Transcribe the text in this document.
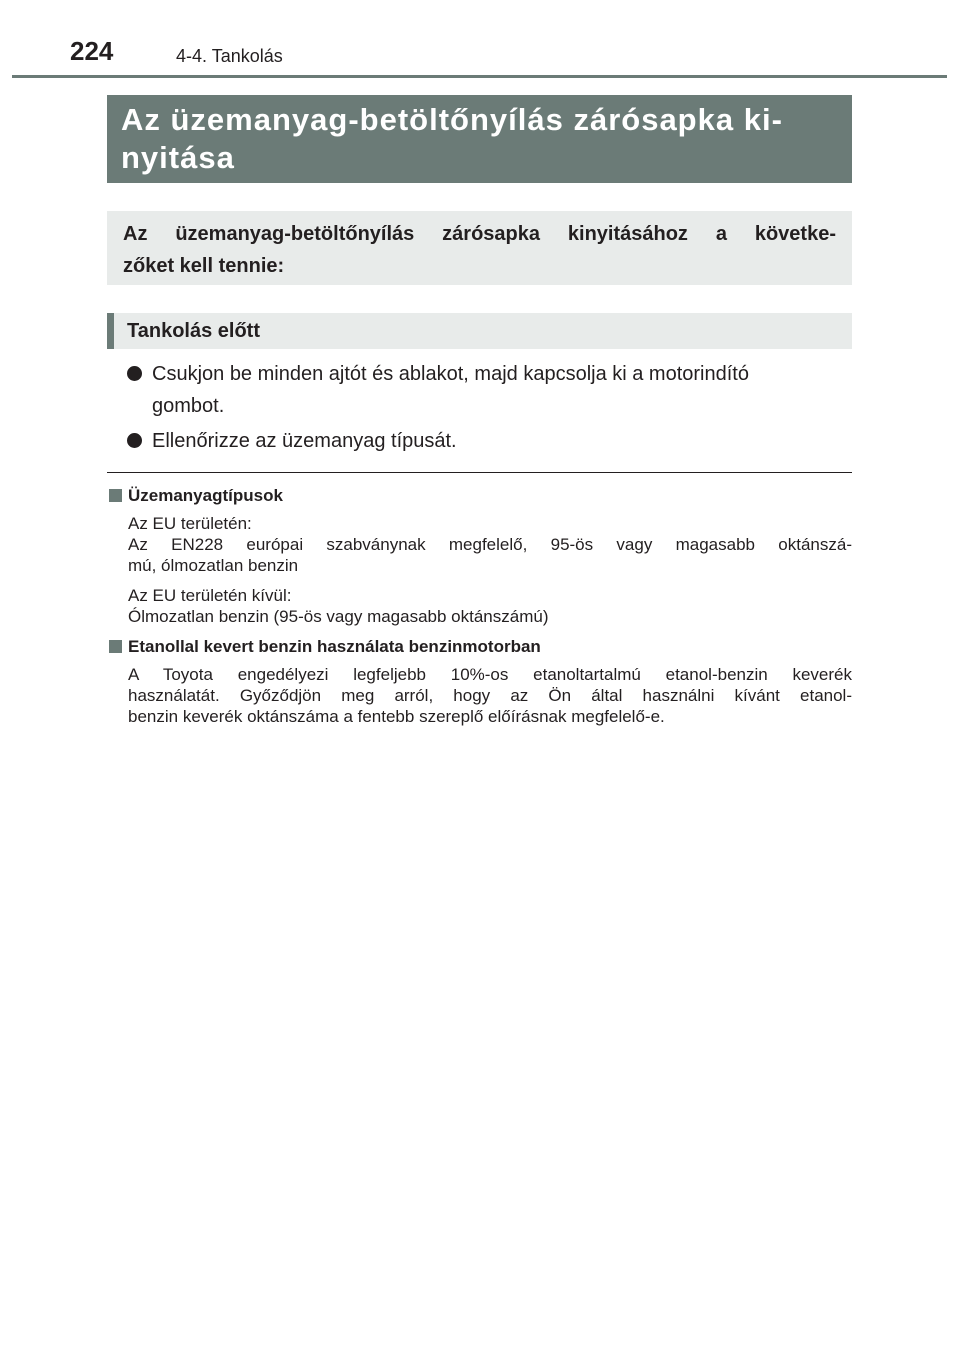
224	4-4. Tankolás
Az üzemanyag-betöltőnyílás zárósapka ki-
nyitása
Az üzemanyag-betöltőnyílás zárósapka kinyitásához a követke-
zőket kell tennie:
Tankolás előtt
Csukjon be minden ajtót és ablakot, majd kapcsolja ki a motorindító
gombot.
Ellenőrizze az üzemanyag típusát.
Üzemanyagtípusok

Az EU területén:
Az EN228 európai szabványnak megfelelő, 95-ös vagy magasabb oktánszá-
mú, ólmozatlan benzin

Az EU területén kívül:
Ólmozatlan benzin (95-ös vagy magasabb oktánszámú)

Etanollal kevert benzin használata benzinmotorban

A Toyota engedélyezi legfeljebb 10%-os etanoltartalmú etanol-benzin keverék
használatát. Győződjön meg arról, hogy az Ön által használni kívánt etanol-
benzin keverék oktánszáma a fentebb szereplő előírásnak megfelelő-e.
